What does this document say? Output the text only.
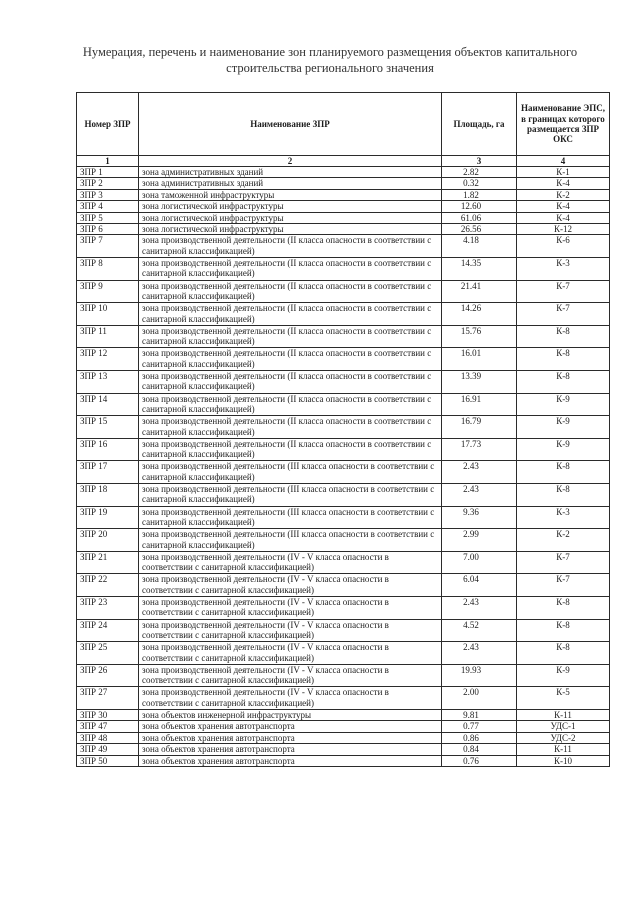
Нумерация, перечень и наименование зон планируемого размещения объектов капитального
строительства регионального значения
Номер ЗПР	Наименование ЗПР	Площадь, га	Наименование ЭПС, в границах которого размещается ЗПР ОКС
1	2	3	4
ЗПР 1	зона административных зданий	2.82	К-1
ЗПР 2	зона административных зданий	0.32	К-4
ЗПР 3	зона таможенной инфраструктуры	1.82	К-2
ЗПР 4	зона логистической инфраструктуры	12.60	К-4
ЗПР 5	зона логистической инфраструктуры	61.06	К-4
ЗПР 6	зона логистической инфраструктуры	26.56	К-12
ЗПР 7	зона производственной деятельности (II класса опасности в соответствии с санитарной классификацией)	4.18	К-6
ЗПР 8	зона производственной деятельности (II класса опасности в соответствии с санитарной классификацией)	14.35	К-3
ЗПР 9	зона производственной деятельности (II класса опасности в соответствии с санитарной классификацией)	21.41	К-7
ЗПР 10	зона производственной деятельности (II класса опасности в соответствии с санитарной классификацией)	14.26	К-7
ЗПР 11	зона производственной деятельности (II класса опасности в соответствии с санитарной классификацией)	15.76	К-8
ЗПР 12	зона производственной деятельности (II класса опасности в соответствии с санитарной классификацией)	16.01	К-8
ЗПР 13	зона производственной деятельности (II класса опасности в соответствии с санитарной классификацией)	13.39	К-8
ЗПР 14	зона производственной деятельности (II класса опасности в соответствии с санитарной классификацией)	16.91	К-9
ЗПР 15	зона производственной деятельности (II класса опасности в соответствии с санитарной классификацией)	16.79	К-9
ЗПР 16	зона производственной деятельности (II класса опасности в соответствии с санитарной классификацией)	17.73	К-9
ЗПР 17	зона производственной деятельности (III класса опасности в соответствии с санитарной классификацией)	2.43	К-8
ЗПР 18	зона производственной деятельности (III класса опасности в соответствии с санитарной классификацией)	2.43	К-8
ЗПР 19	зона производственной деятельности (III класса опасности в соответствии с санитарной классификацией)	9.36	К-3
ЗПР 20	зона производственной деятельности (III класса опасности в соответствии с санитарной классификацией)	2.99	К-2
ЗПР 21	зона производственной деятельности (IV - V класса опасности в соответствии с санитарной классификацией)	7.00	К-7
ЗПР 22	зона производственной деятельности (IV - V класса опасности в соответствии с санитарной классификацией)	6.04	К-7
ЗПР 23	зона производственной деятельности (IV - V класса опасности в соответствии с санитарной классификацией)	2.43	К-8
ЗПР 24	зона производственной деятельности (IV - V класса опасности в соответствии с санитарной классификацией)	4.52	К-8
ЗПР 25	зона производственной деятельности (IV - V класса опасности в соответствии с санитарной классификацией)	2.43	К-8
ЗПР 26	зона производственной деятельности (IV - V класса опасности в соответствии с санитарной классификацией)	19.93	К-9
ЗПР 27	зона производственной деятельности (IV - V класса опасности в соответствии с санитарной классификацией)	2.00	К-5
ЗПР 30	зона объектов инженерной инфраструктуры	9.81	К-11
ЗПР 47	зона объектов хранения автотранспорта	0.77	УДС-1
ЗПР 48	зона объектов хранения автотранспорта	0.86	УДС-2
ЗПР 49	зона объектов хранения автотранспорта	0.84	К-11
ЗПР 50	зона объектов хранения автотранспорта	0.76	К-10
